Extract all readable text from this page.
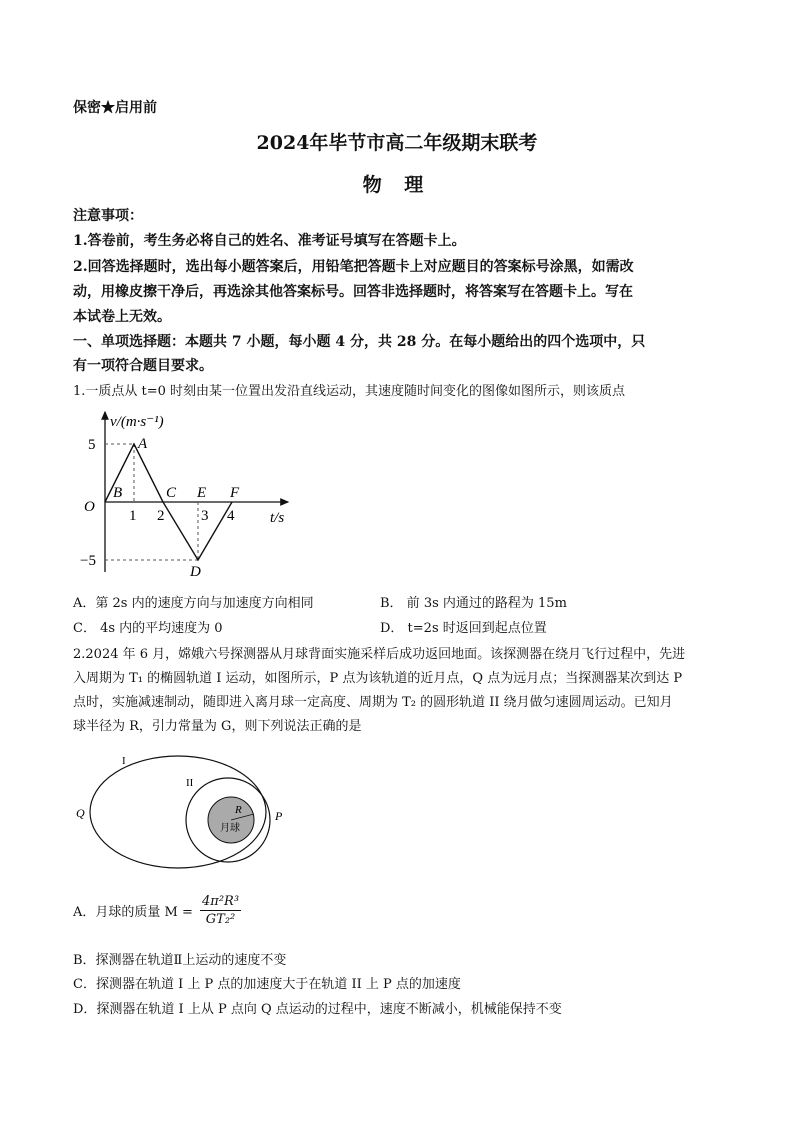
保密★启用前
2024年毕节市高二年级期末联考
物 理
注意事项：
1.答卷前，考生务必将自己的姓名、准考证号填写在答题卡上。
2.回答选择题时，选出每小题答案后，用铅笔把答题卡上对应题目的答案标号涂黑，如需改
动，用橡皮擦干净后，再选涂其他答案标号。回答非选择题时，将答案写在答题卡上。写在
本试卷上无效。
一、单项选择题：本题共 7 小题，每小题 4 分，共 28 分。在每小题给出的四个选项中，只
有一项符合题目要求。
1.一质点从 t=0 时刻由某一位置出发沿直线运动，其速度随时间变化的图像如图所示，则该质点
v/(m·s⁻¹)
t/s
O
5
−5
1 2 3 4
A
B	C
D
E F
A．第 2s 内的速度方向与加速度方向相同	B． 前 3s 内通过的路程为 15m
C． 4s 内的平均速度为 0	D． t=2s 时返回到起点位置
2.2024 年 6 月，嫦娥六号探测器从月球背面实施采样后成功返回地面。该探测器在绕月飞行过程中，先进
入周期为 T₁ 的椭圆轨道 I 运动，如图所示，P 点为该轨道的近月点，Q 点为远月点；当探测器某次到达 P
点时，实施减速制动，随即进入离月球一定高度、周期为 T₂ 的圆形轨道 II 绕月做匀速圆周运动。已知月
球半径为 R，引力常量为 G，则下列说法正确的是
I
II
Q	P
R
月球
A．月球的质量 $M = \frac{\text{4π²R³}}{\text{GT₂²}}$
B．探测器在轨道Ⅱ上运动的速度不变
C．探测器在轨道 I 上 P 点的加速度大于在轨道 II 上 P 点的加速度
D．探测器在轨道 I 上从 P 点向 Q 点运动的过程中，速度不断减小，机械能保持不变
